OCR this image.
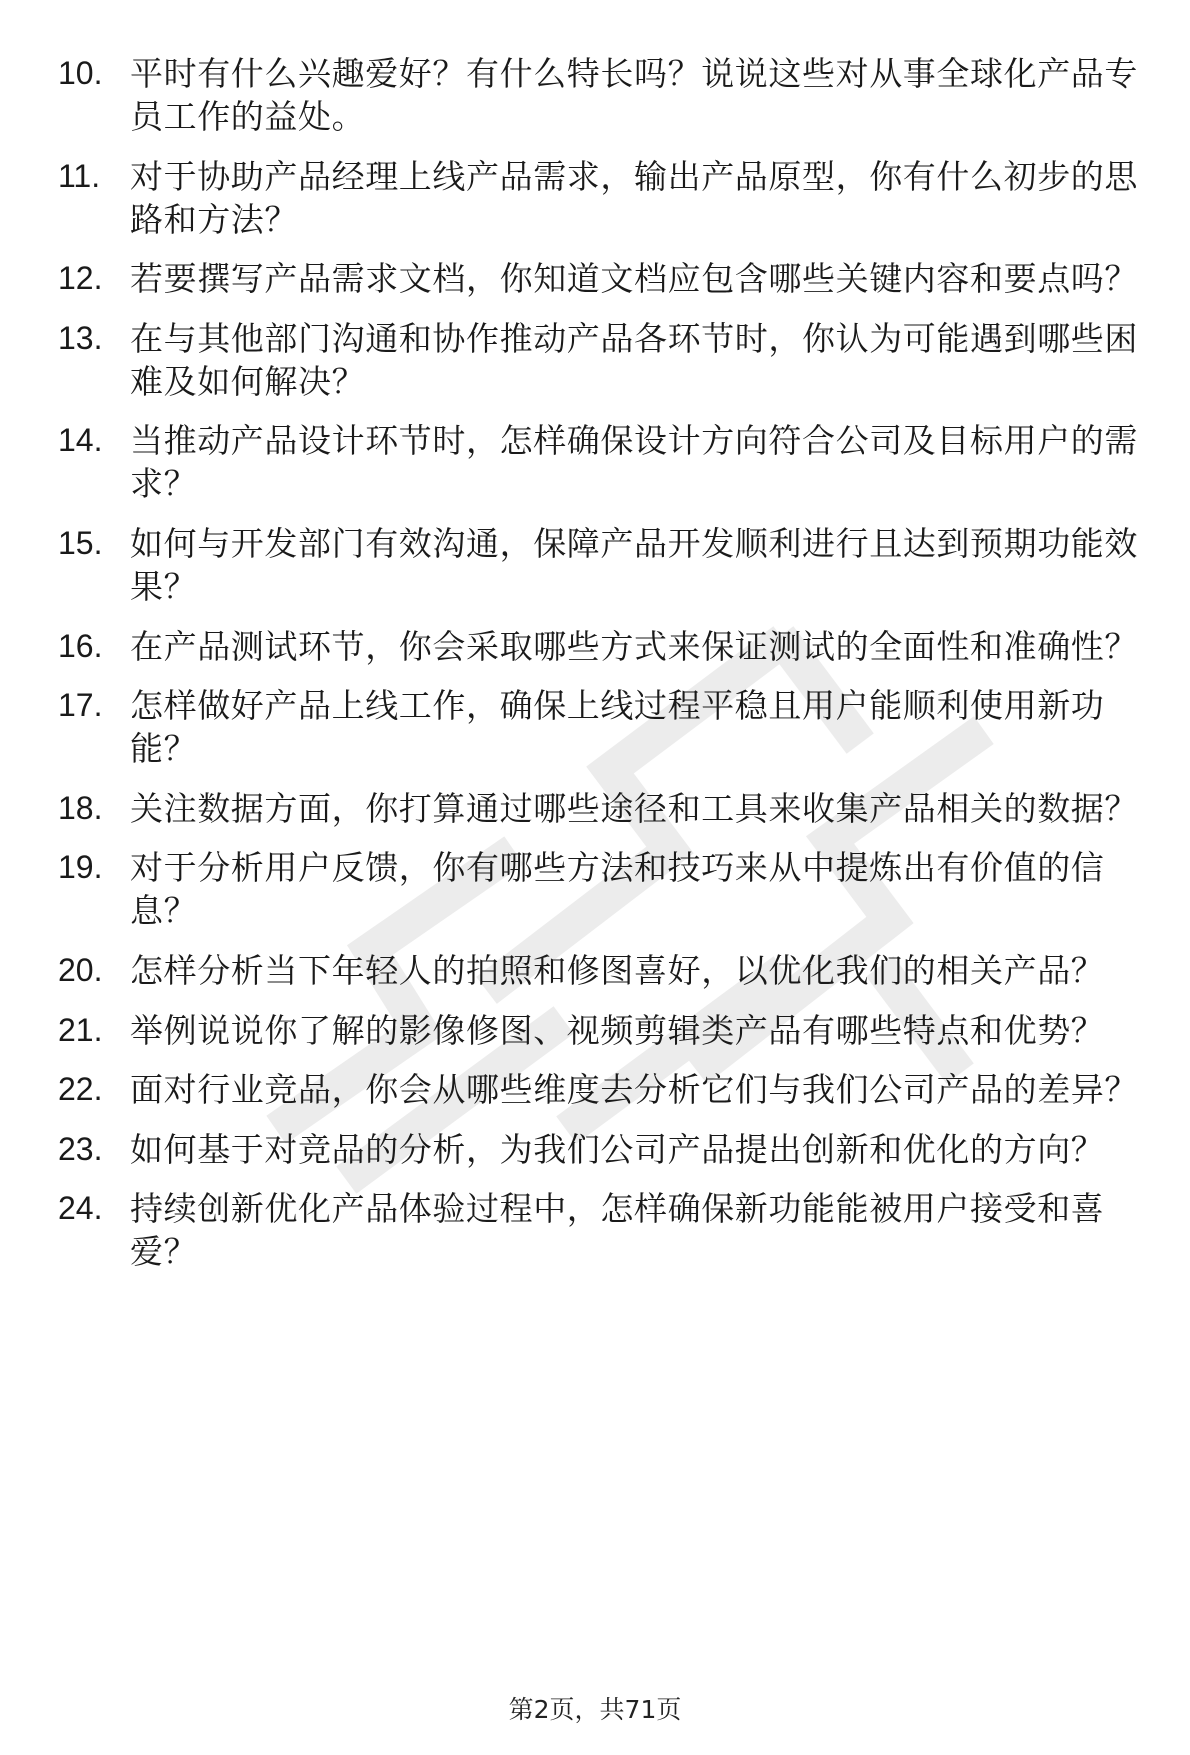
10. 平时有什么兴趣爱好？有什么特长吗？说说这些对从事全球化产品专员工作的益处。
11. 对于协助产品经理上线产品需求，输出产品原型，你有什么初步的思路和方法？
12. 若要撰写产品需求文档，你知道文档应包含哪些关键内容和要点吗？
13. 在与其他部门沟通和协作推动产品各环节时，你认为可能遇到哪些困难及如何解决？
14. 当推动产品设计环节时，怎样确保设计方向符合公司及目标用户的需求？
15. 如何与开发部门有效沟通，保障产品开发顺利进行且达到预期功能效果？
16. 在产品测试环节，你会采取哪些方式来保证测试的全面性和准确性？
17. 怎样做好产品上线工作，确保上线过程平稳且用户能顺利使用新功能？
18. 关注数据方面，你打算通过哪些途径和工具来收集产品相关的数据？
19. 对于分析用户反馈，你有哪些方法和技巧来从中提炼出有价值的信息？
20. 怎样分析当下年轻人的拍照和修图喜好，以优化我们的相关产品？
21. 举例说说你了解的影像修图、视频剪辑类产品有哪些特点和优势？
22. 面对行业竞品，你会从哪些维度去分析它们与我们公司产品的差异？
23. 如何基于对竞品的分析，为我们公司产品提出创新和优化的方向？
24. 持续创新优化产品体验过程中，怎样确保新功能能被用户接受和喜爱？
第2页，共71页
